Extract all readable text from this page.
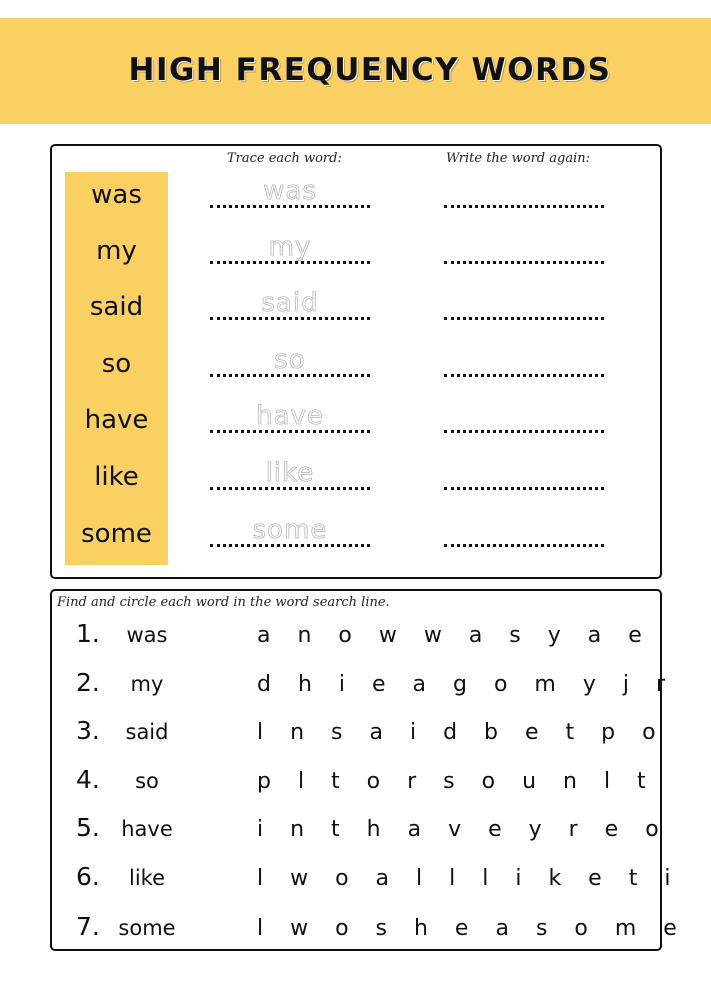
HIGH FREQUENCY WORDS
Trace each word:	Write the word again:
was	was
my	my
said	said
so	so
have	have
like	like
some	some
Find and circle each word in the word search line.
1.	was	a n o w w a s y a e
2.	my	d h i e a g o m y j r
3.	said	l n s a i d b e t p o
4.	so	p l t o r s o u n l t
5.	have	i n t h a v e y r e o
6.	like	l w o a l l l i k e t i
7. some	l w o s h e a s o m e
